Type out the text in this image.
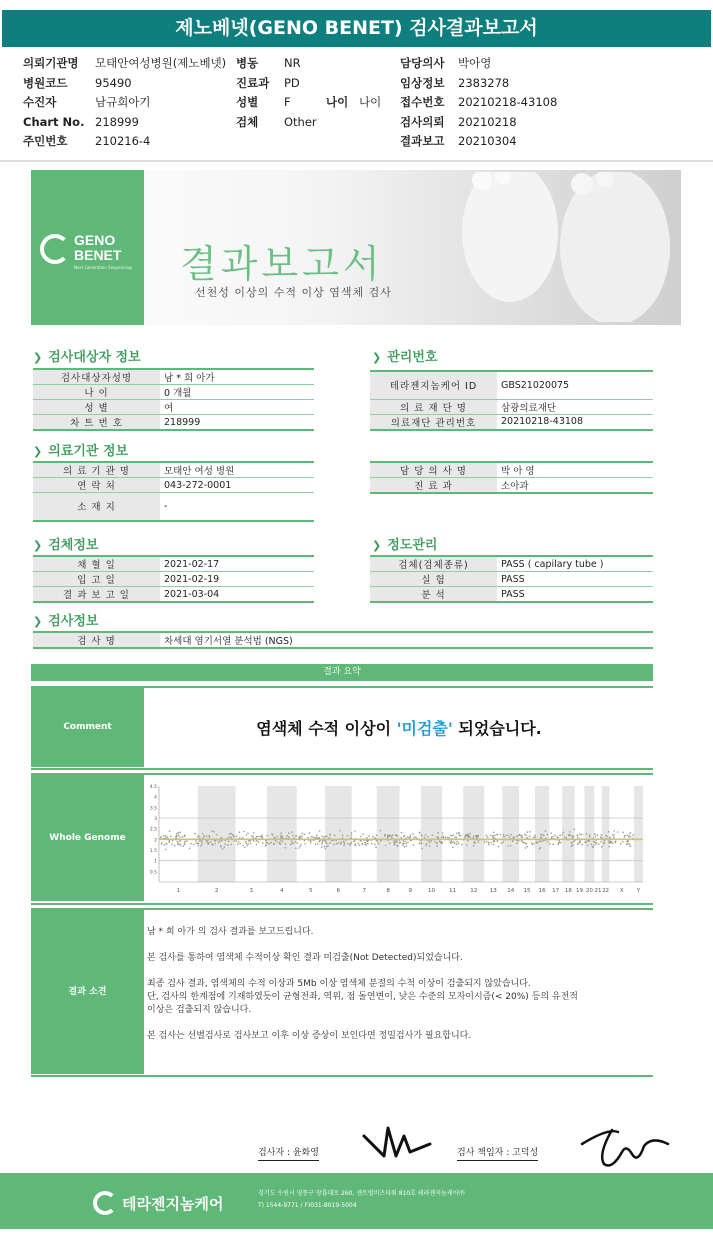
제노베넷(GENO BENET) 검사결과보고서
의뢰기관명 모태안여성병원(제노베넷)
병원코드 95490
수진자	남규희아기
Chart No. 218999
주민번호 210216-4
병동 NR
진료과 PD
성별 F	나이 나이
검체 Other
담당의사 박아영
임상정보 2383278
접수번호 20210218-43108
검사의뢰 20210218
결과보고 20210304
GENO
BENET
Next Generation Sequencing 결과보고서
선천성 이상의 수적 이상 염색체 검사
❯ 검사대상자 정보
검사대상자성명	남 * 희 아가
나 이	0 개월
성 별	여
차 트 번 호	218999
❯ 관리번호
테라젠지놈케어 ID	GBS21020075
의 료 재 단 명	삼광의료재단
의료재단 관리번호	20210218-43108
❯ 의료기관 정보
의 료 기 관 명	모태안 여성 병원
연 락 처	043-272-0001
소 재 지	-
담 당 의 사 명	박 아 영
진 료 과	소아과
❯ 검체정보
채 혈 일	2021-02-17
입 고 일	2021-02-19
결 과 보 고 일	2021-03-04
❯ 정도관리
검체(검체종류)	PASS ( capilary tube )
실 험	PASS
분 석	PASS
❯ 검사정보
검 사 명	차세대 염기서열 분석법 (NGS)
결과 요약
Comment	염색체 수적 이상이 '미검출' 되었습니다.
Whole Genome
4.5
4
3.5
3
2.5
2
1.5
1
0.5
1	2	3	4	5	6	7	8	9	10	11	12 13 14 15 16 17 18 19 20 21 22 X Y
결과 소견

남 * 희 아가 의 검사 결과를 보고드립니다.

본 검사를 통하여 염색체 수적이상 확인 결과 미검출(Not Detected)되었습니다.

최종 검사 결과, 염색체의 수적 이상과 5Mb 이상 염색체 분절의 수적 이상이 검출되지 않았습니다.
단, 검사의 한계점에 기재하였듯이 균형전좌, 역위, 점 돌연변이, 낮은 수준의 모자이시즘(< 20%) 등의 유전적
이상은 검출되지 않습니다.

본 검사는 선별검사로 검사보고 이후 이상 증상이 보인다면 정밀검사가 필요합니다.

검사자 : 윤화영	검사 책임자 : 고덕성
테라젠지놈케어
경기도 수원시 영통구 창룡대로 260, 센트럴비즈타워 810호 테라젠지놈케어㈜
T) 1544-9771 / F)031-8019-5004
